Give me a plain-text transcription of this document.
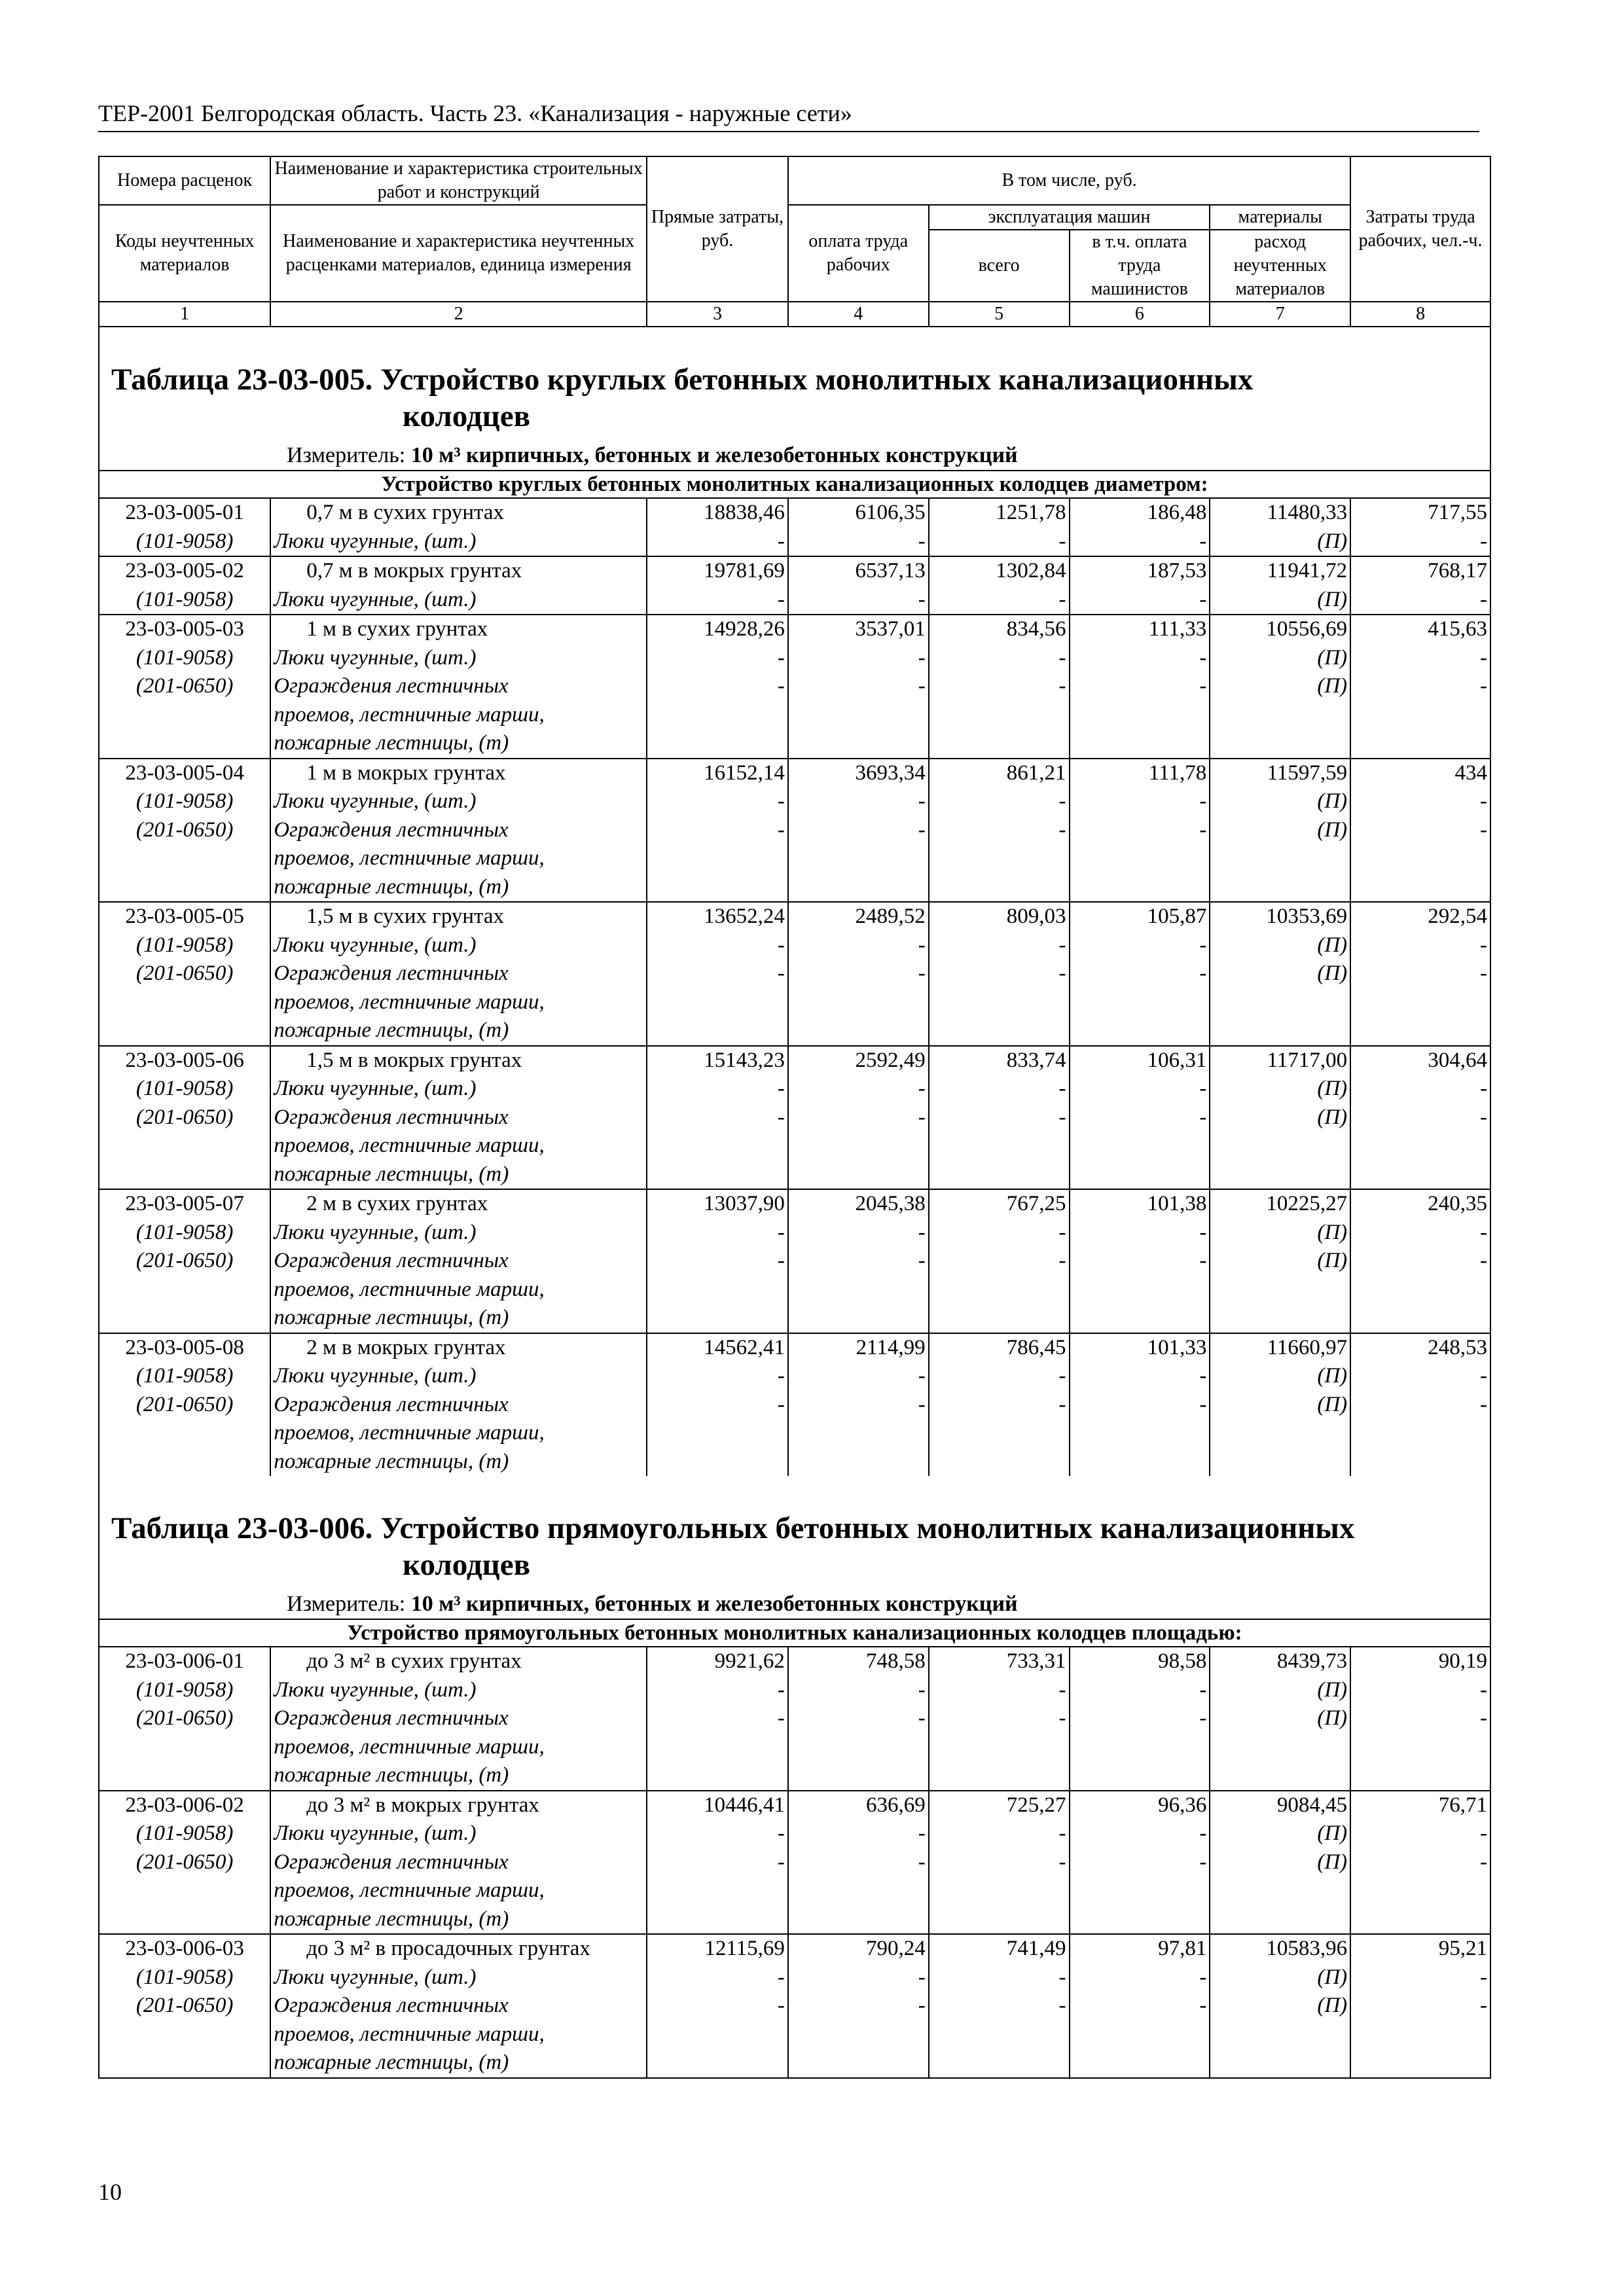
ТЕР-2001 Белгородская область. Часть 23. «Канализация - наружные сети»
Номера расценок	Наименование и характеристика строительных работ и конструкций	Прямые затраты, руб.	В том числе, руб.				Затраты труда рабочих, чел.-ч.
Коды неучтенных материалов	Наименование и характеристика неучтенных расценками материалов, единица измерения		оплата труда рабочих	эксплуатация машин		материалы	
				всего	в т.ч. оплата труда машинистов	расход неучтенных материалов	
1	2	3	4	5	6	7	8

Таблица 23-03-005. Устройство круглых бетонных монолитных канализационных
колодцев
Измеритель: 10 м³ кирпичных, бетонных и железобетонных конструкций							

Устройство круглых бетонных монолитных канализационных колодцев диаметром:							
23-03-005-01	0,7 м в сухих грунтах	18838,46	6106,35	1251,78	186,48	11480,33	717,55
(101-9058)	Люки чугунные, (шт.)	-	-	-	-	(П)	-
23-03-005-02	0,7 м в мокрых грунтах	19781,69	6537,13	1302,84	187,53	11941,72	768,17
(101-9058)	Люки чугунные, (шт.)	-	-	-	-	(П)	-
23-03-005-03	1 м в сухих грунтах	14928,26	3537,01	834,56	111,33	10556,69	415,63
(101-9058)	Люки чугунные, (шт.)	-	-	-	-	(П)	-
(201-0650)	Ограждения лестничных	-	-	-	-	(П)	-
	проемов, лестничные марши,						
	пожарные лестницы, (т)						
23-03-005-04	1 м в мокрых грунтах	16152,14	3693,34	861,21	111,78	11597,59	434
(101-9058)	Люки чугунные, (шт.)	-	-	-	-	(П)	-
(201-0650)	Ограждения лестничных	-	-	-	-	(П)	-
	проемов, лестничные марши,						
	пожарные лестницы, (т)						
23-03-005-05	1,5 м в сухих грунтах	13652,24	2489,52	809,03	105,87	10353,69	292,54
(101-9058)	Люки чугунные, (шт.)	-	-	-	-	(П)	-
(201-0650)	Ограждения лестничных	-	-	-	-	(П)	-
	проемов, лестничные марши,						
	пожарные лестницы, (т)						
23-03-005-06	1,5 м в мокрых грунтах	15143,23	2592,49	833,74	106,31	11717,00	304,64
(101-9058)	Люки чугунные, (шт.)	-	-	-	-	(П)	-
(201-0650)	Ограждения лестничных	-	-	-	-	(П)	-
	проемов, лестничные марши,						
	пожарные лестницы, (т)						
23-03-005-07	2 м в сухих грунтах	13037,90	2045,38	767,25	101,38	10225,27	240,35
(101-9058)	Люки чугунные, (шт.)	-	-	-	-	(П)	-
(201-0650)	Ограждения лестничных	-	-	-	-	(П)	-
	проемов, лестничные марши,						
	пожарные лестницы, (т)						
23-03-005-08	2 м в мокрых грунтах	14562,41	2114,99	786,45	101,33	11660,97	248,53
(101-9058)	Люки чугунные, (шт.)	-	-	-	-	(П)	-
(201-0650)	Ограждения лестничных	-	-	-	-	(П)	-
	проемов, лестничные марши,						
	пожарные лестницы, (т)						

Таблица 23-03-006. Устройство прямоугольных бетонных монолитных канализационных
колодцев
Измеритель: 10 м³ кирпичных, бетонных и железобетонных конструкций							

Устройство прямоугольных бетонных монолитных канализационных колодцев площадью:							
23-03-006-01	до 3 м² в сухих грунтах	9921,62	748,58	733,31	98,58	8439,73	90,19
(101-9058)	Люки чугунные, (шт.)	-	-	-	-	(П)	-
(201-0650)	Ограждения лестничных	-	-	-	-	(П)	-
	проемов, лестничные марши,						
	пожарные лестницы, (т)						
23-03-006-02	до 3 м² в мокрых грунтах	10446,41	636,69	725,27	96,36	9084,45	76,71
(101-9058)	Люки чугунные, (шт.)	-	-	-	-	(П)	-
(201-0650)	Ограждения лестничных	-	-	-	-	(П)	-
	проемов, лестничные марши,						
	пожарные лестницы, (т)						
23-03-006-03	до 3 м² в просадочных грунтах	12115,69	790,24	741,49	97,81	10583,96	95,21
(101-9058)	Люки чугунные, (шт.)	-	-	-	-	(П)	-
(201-0650)	Ограждения лестничных	-	-	-	-	(П)	-
	проемов, лестничные марши,						
	пожарные лестницы, (т)						
10
